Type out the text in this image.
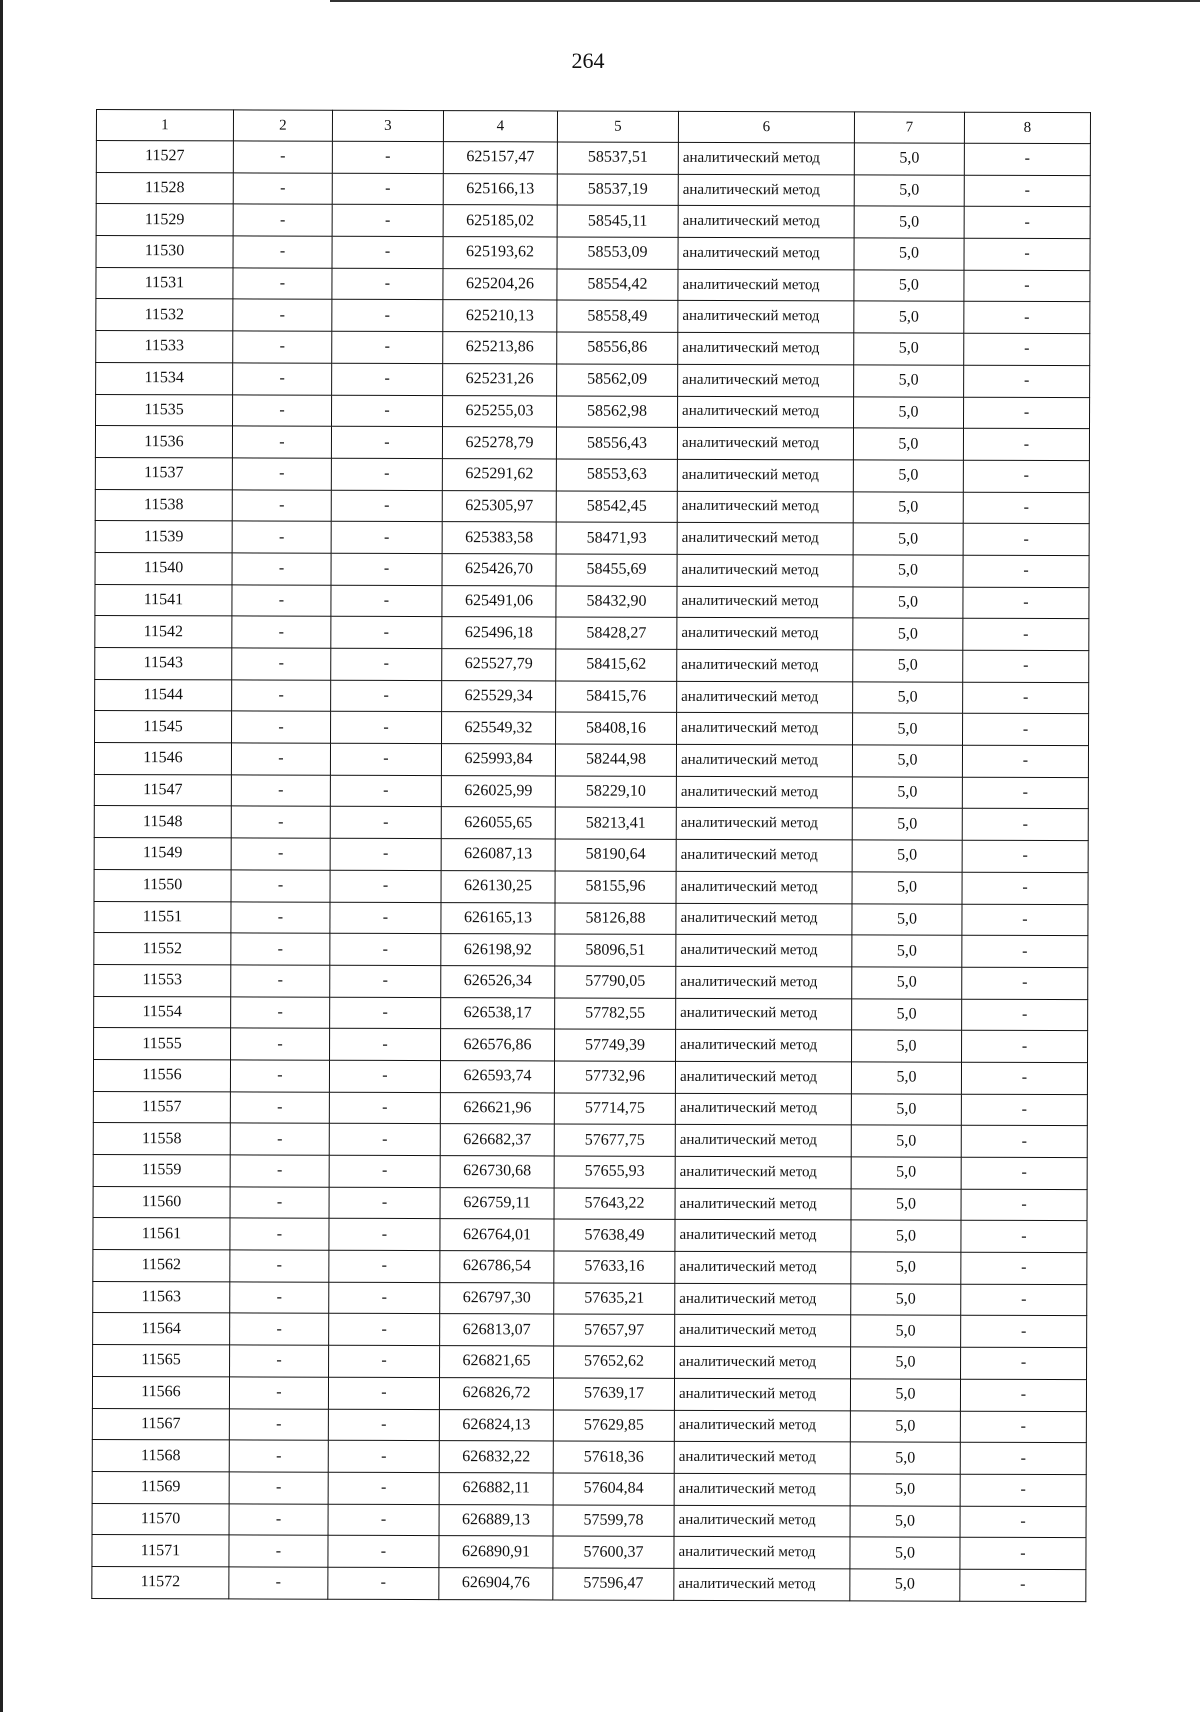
264
1	2	3	4	5	6	7	8
11527	-	-	625157,47	58537,51	аналитический метод	5,0	-
11528	-	-	625166,13	58537,19	аналитический метод	5,0	-
11529	-	-	625185,02	58545,11	аналитический метод	5,0	-
11530	-	-	625193,62	58553,09	аналитический метод	5,0	-
11531	-	-	625204,26	58554,42	аналитический метод	5,0	-
11532	-	-	625210,13	58558,49	аналитический метод	5,0	-
11533	-	-	625213,86	58556,86	аналитический метод	5,0	-
11534	-	-	625231,26	58562,09	аналитический метод	5,0	-
11535	-	-	625255,03	58562,98	аналитический метод	5,0	-
11536	-	-	625278,79	58556,43	аналитический метод	5,0	-
11537	-	-	625291,62	58553,63	аналитический метод	5,0	-
11538	-	-	625305,97	58542,45	аналитический метод	5,0	-
11539	-	-	625383,58	58471,93	аналитический метод	5,0	-
11540	-	-	625426,70	58455,69	аналитический метод	5,0	-
11541	-	-	625491,06	58432,90	аналитический метод	5,0	-
11542	-	-	625496,18	58428,27	аналитический метод	5,0	-
11543	-	-	625527,79	58415,62	аналитический метод	5,0	-
11544	-	-	625529,34	58415,76	аналитический метод	5,0	-
11545	-	-	625549,32	58408,16	аналитический метод	5,0	-
11546	-	-	625993,84	58244,98	аналитический метод	5,0	-
11547	-	-	626025,99	58229,10	аналитический метод	5,0	-
11548	-	-	626055,65	58213,41	аналитический метод	5,0	-
11549	-	-	626087,13	58190,64	аналитический метод	5,0	-
11550	-	-	626130,25	58155,96	аналитический метод	5,0	-
11551	-	-	626165,13	58126,88	аналитический метод	5,0	-
11552	-	-	626198,92	58096,51	аналитический метод	5,0	-
11553	-	-	626526,34	57790,05	аналитический метод	5,0	-
11554	-	-	626538,17	57782,55	аналитический метод	5,0	-
11555	-	-	626576,86	57749,39	аналитический метод	5,0	-
11556	-	-	626593,74	57732,96	аналитический метод	5,0	-
11557	-	-	626621,96	57714,75	аналитический метод	5,0	-
11558	-	-	626682,37	57677,75	аналитический метод	5,0	-
11559	-	-	626730,68	57655,93	аналитический метод	5,0	-
11560	-	-	626759,11	57643,22	аналитический метод	5,0	-
11561	-	-	626764,01	57638,49	аналитический метод	5,0	-
11562	-	-	626786,54	57633,16	аналитический метод	5,0	-
11563	-	-	626797,30	57635,21	аналитический метод	5,0	-
11564	-	-	626813,07	57657,97	аналитический метод	5,0	-
11565	-	-	626821,65	57652,62	аналитический метод	5,0	-
11566	-	-	626826,72	57639,17	аналитический метод	5,0	-
11567	-	-	626824,13	57629,85	аналитический метод	5,0	-
11568	-	-	626832,22	57618,36	аналитический метод	5,0	-
11569	-	-	626882,11	57604,84	аналитический метод	5,0	-
11570	-	-	626889,13	57599,78	аналитический метод	5,0	-
11571	-	-	626890,91	57600,37	аналитический метод	5,0	-
11572	-	-	626904,76	57596,47	аналитический метод	5,0	-
